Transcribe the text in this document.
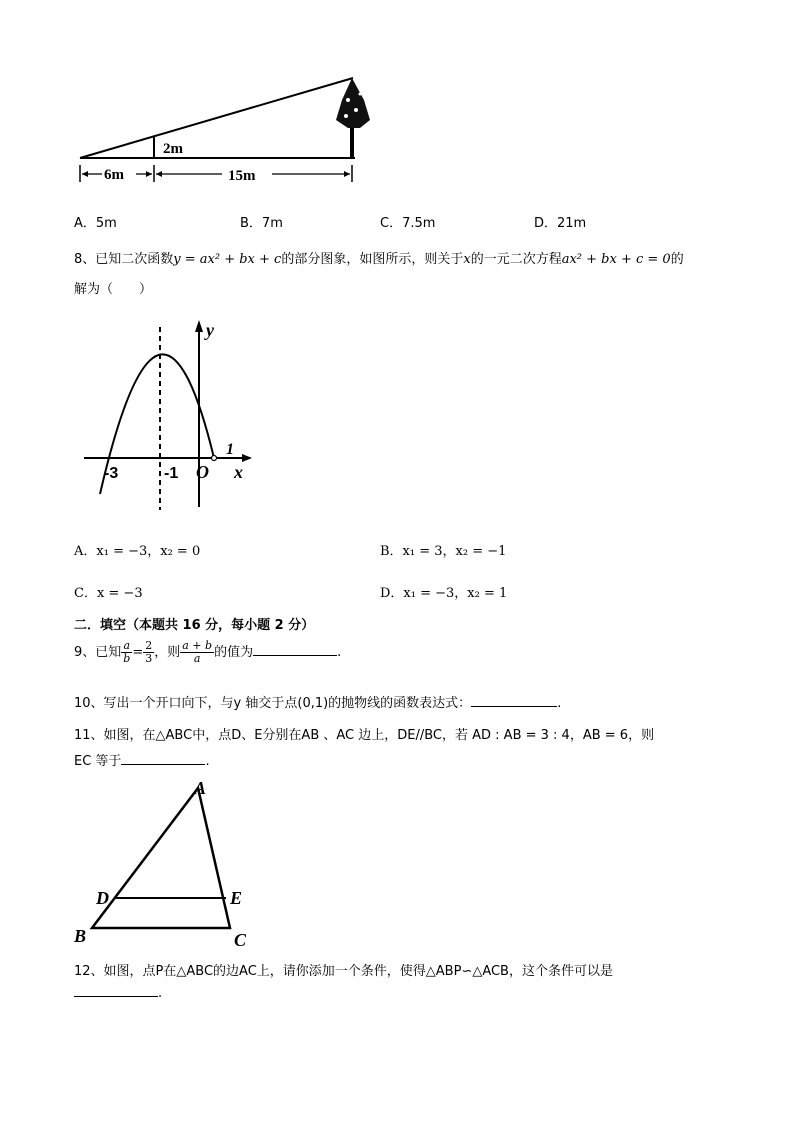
2m
6m	15m
A．5m	B．7m	C．7.5m	D．21m
8、已知二次函数y = ax² + bx + c的部分图象，如图所示，则关于x的一元二次方程ax² + bx + c = 0的
解为（　　）
y
x
O
-3	-1
1
A．x₁ = −3，x₂ = 0	B．x₁ = 3，x₂ = −1
C．x = −3	D．x₁ = −3，x₂ = 1
二．填空（本题共 16 分，每小题 2 分）
9、已知 $\frac{a}{b} = \frac{2}{3}$ ，则 $\frac{a + b}{a}$ 的值为	.
10、写出一个开口向下，与y 轴交于点(0,1)的抛物线的函数表达式：	.
11、如图，在△ABC中，点D、E分别在AB 、AC 边上，DE//BC，若 AD : AB = 3 : 4，AB = 6，则
EC 等于	.
A
B	C
D	E
12、如图，点P在△ABC的边AC上，请你添加一个条件，使得△ABP∽△ACB，这个条件可以是
.
